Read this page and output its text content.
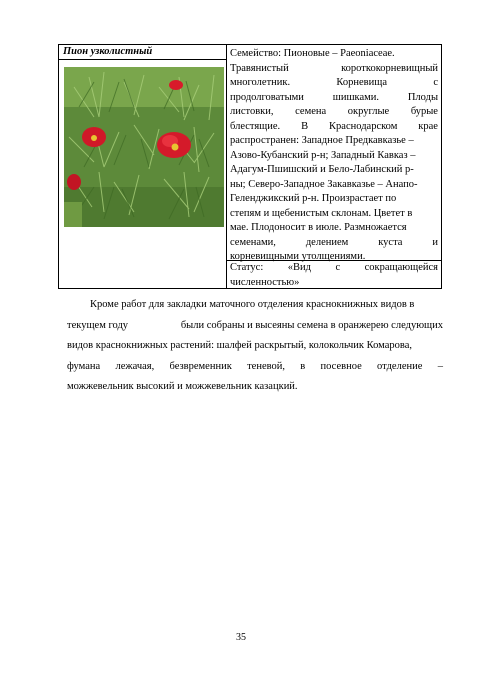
Пион узколистный	Семейство: Пионовые – Paeoniaceae.
Травянистый	короткокорневищный
многолетник.	Корневища	с
продолговатыми	шишками.	Плоды
листовки, семена округлые бурые
блестящие. В Краснодарском крае
распространен: Западное Предкавказье –
Азово-Кубанский р-н; Западный Кавказ –
Адагум-Пшишский и Бело-Лабинский р-
ны; Северо-Западное Закавказье – Анапо-
Геленджикский р-н. Произрастает по
степям и щебенистым склонам. Цветет в
мае. Плодоносит в июле. Размножается
семенами,	делением	куста	и
корневищными утолщениями.
Статус: «Вид с сокращающейся
численностью»
Кроме работ для закладки маточного отделения краснокнижных видов в
текущем году	были собраны и высеяны семена в оранжерею следующих
видов краснокнижных растений: шалфей раскрытый, колокольчик Комарова,
фумана лежачая, безвременник теневой, в посевное отделение –
можжевельник высокий и можжевельник казацкий.
35
